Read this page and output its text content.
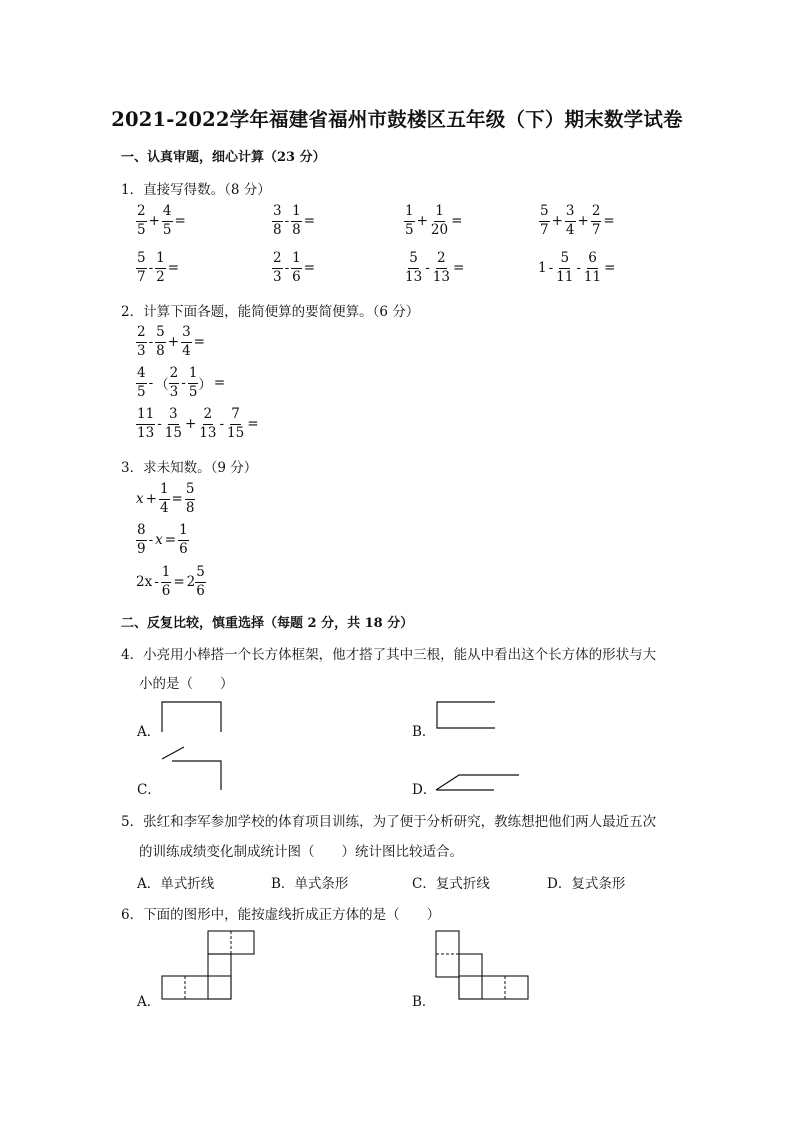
2021-2022学年福建省福州市鼓楼区五年级（下）期末数学试卷
一、认真审题，细心计算（23 分）
1．直接写得数。（8 分）
$\frac{2}{5} + \frac{4}{5}$ =	$\frac{3}{8} - \frac{1}{8}$ =	$\frac{1}{5} + \frac{1}{20}$ =	$\frac{5}{7} + \frac{3}{4} + \frac{2}{7}$ =
$\frac{5}{7} - \frac{1}{2}$ =	$\frac{2}{3} - \frac{1}{6}$ =	$\frac{5}{13} - \frac{2}{13}$ =	$1 - \frac{5}{11} - \frac{6}{11}$ =
2．计算下面各题，能简便算的要简便算。（6 分）
$\frac{2}{3} - \frac{5}{8} + \frac{3}{4}$ =
$\frac{4}{5}$ - （ $\frac{2}{3} - \frac{1}{5}$ ） =
$\frac{11}{13} - \frac{3}{15} + \frac{2}{13} - \frac{7}{15}$ =
3．求未知数。（9 分）
$x + \frac{1}{4} = \frac{5}{8}$
$\frac{8}{9} - x = \frac{1}{6}$
$2x - \frac{1}{6} = 2 \frac{5}{6}$
二、反复比较，慎重选择（每题 2 分，共 18 分）
4．小亮用小棒搭一个长方体框架，他才搭了其中三根，能从中看出这个长方体的形状与大
小的是（　　）
A．	B．
C．	D．
5．张红和李军参加学校的体育项目训练，为了便于分析研究，教练想把他们两人最近五次
的训练成绩变化制成统计图（　　）统计图比较适合。
A．单式折线	B．单式条形	C．复式折线	D．复式条形
6．下面的图形中，能按虚线折成正方体的是（　　）
A．	B．
